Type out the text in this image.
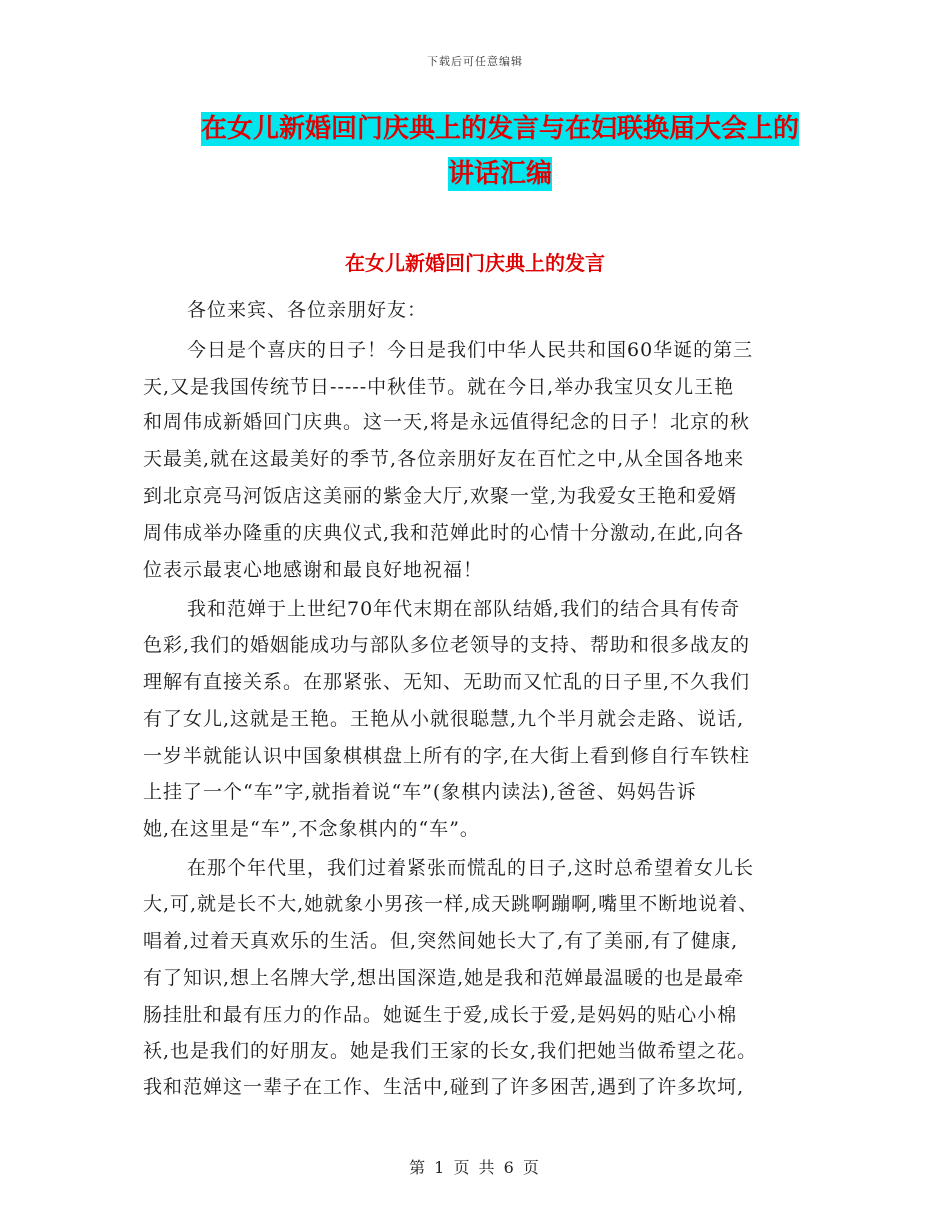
下载后可任意编辑
在女儿新婚回门庆典上的发言与在妇联换届大会上的
讲话汇编
在女儿新婚回门庆典上的发言
各位来宾、各位亲朋好友：
今日是个喜庆的日子！今日是我们中华人民共和国60华诞的第三
天,又是我国传统节日-----中秋佳节。就在今日,举办我宝贝女儿王艳
和周伟成新婚回门庆典。这一天,将是永远值得纪念的日子！北京的秋
天最美,就在这最美好的季节,各位亲朋好友在百忙之中,从全国各地来
到北京亮马河饭店这美丽的紫金大厅,欢聚一堂,为我爱女王艳和爱婿
周伟成举办隆重的庆典仪式,我和范婵此时的心情十分激动,在此,向各
位表示最衷心地感谢和最良好地祝福！
我和范婵于上世纪70年代末期在部队结婚,我们的结合具有传奇
色彩,我们的婚姻能成功与部队多位老领导的支持、帮助和很多战友的
理解有直接关系。在那紧张、无知、无助而又忙乱的日子里,不久我们
有了女儿,这就是王艳。王艳从小就很聪慧,九个半月就会走路、说话,
一岁半就能认识中国象棋棋盘上所有的字,在大街上看到修自行车铁柱
上挂了一个“车”字,就指着说“车”(象棋内读法),爸爸、妈妈告诉
她,在这里是“车”,不念象棋内的“车”。
在那个年代里，我们过着紧张而慌乱的日子,这时总希望着女儿长
大,可,就是长不大,她就象小男孩一样,成天跳啊蹦啊,嘴里不断地说着、
唱着,过着天真欢乐的生活。但,突然间她长大了,有了美丽,有了健康,
有了知识,想上名牌大学,想出国深造,她是我和范婵最温暖的也是最牵
肠挂肚和最有压力的作品。她诞生于爱,成长于爱,是妈妈的贴心小棉
袄,也是我们的好朋友。她是我们王家的长女,我们把她当做希望之花。
我和范婵这一辈子在工作、生活中,碰到了许多困苦,遇到了许多坎坷,
第 1 页 共 6 页
